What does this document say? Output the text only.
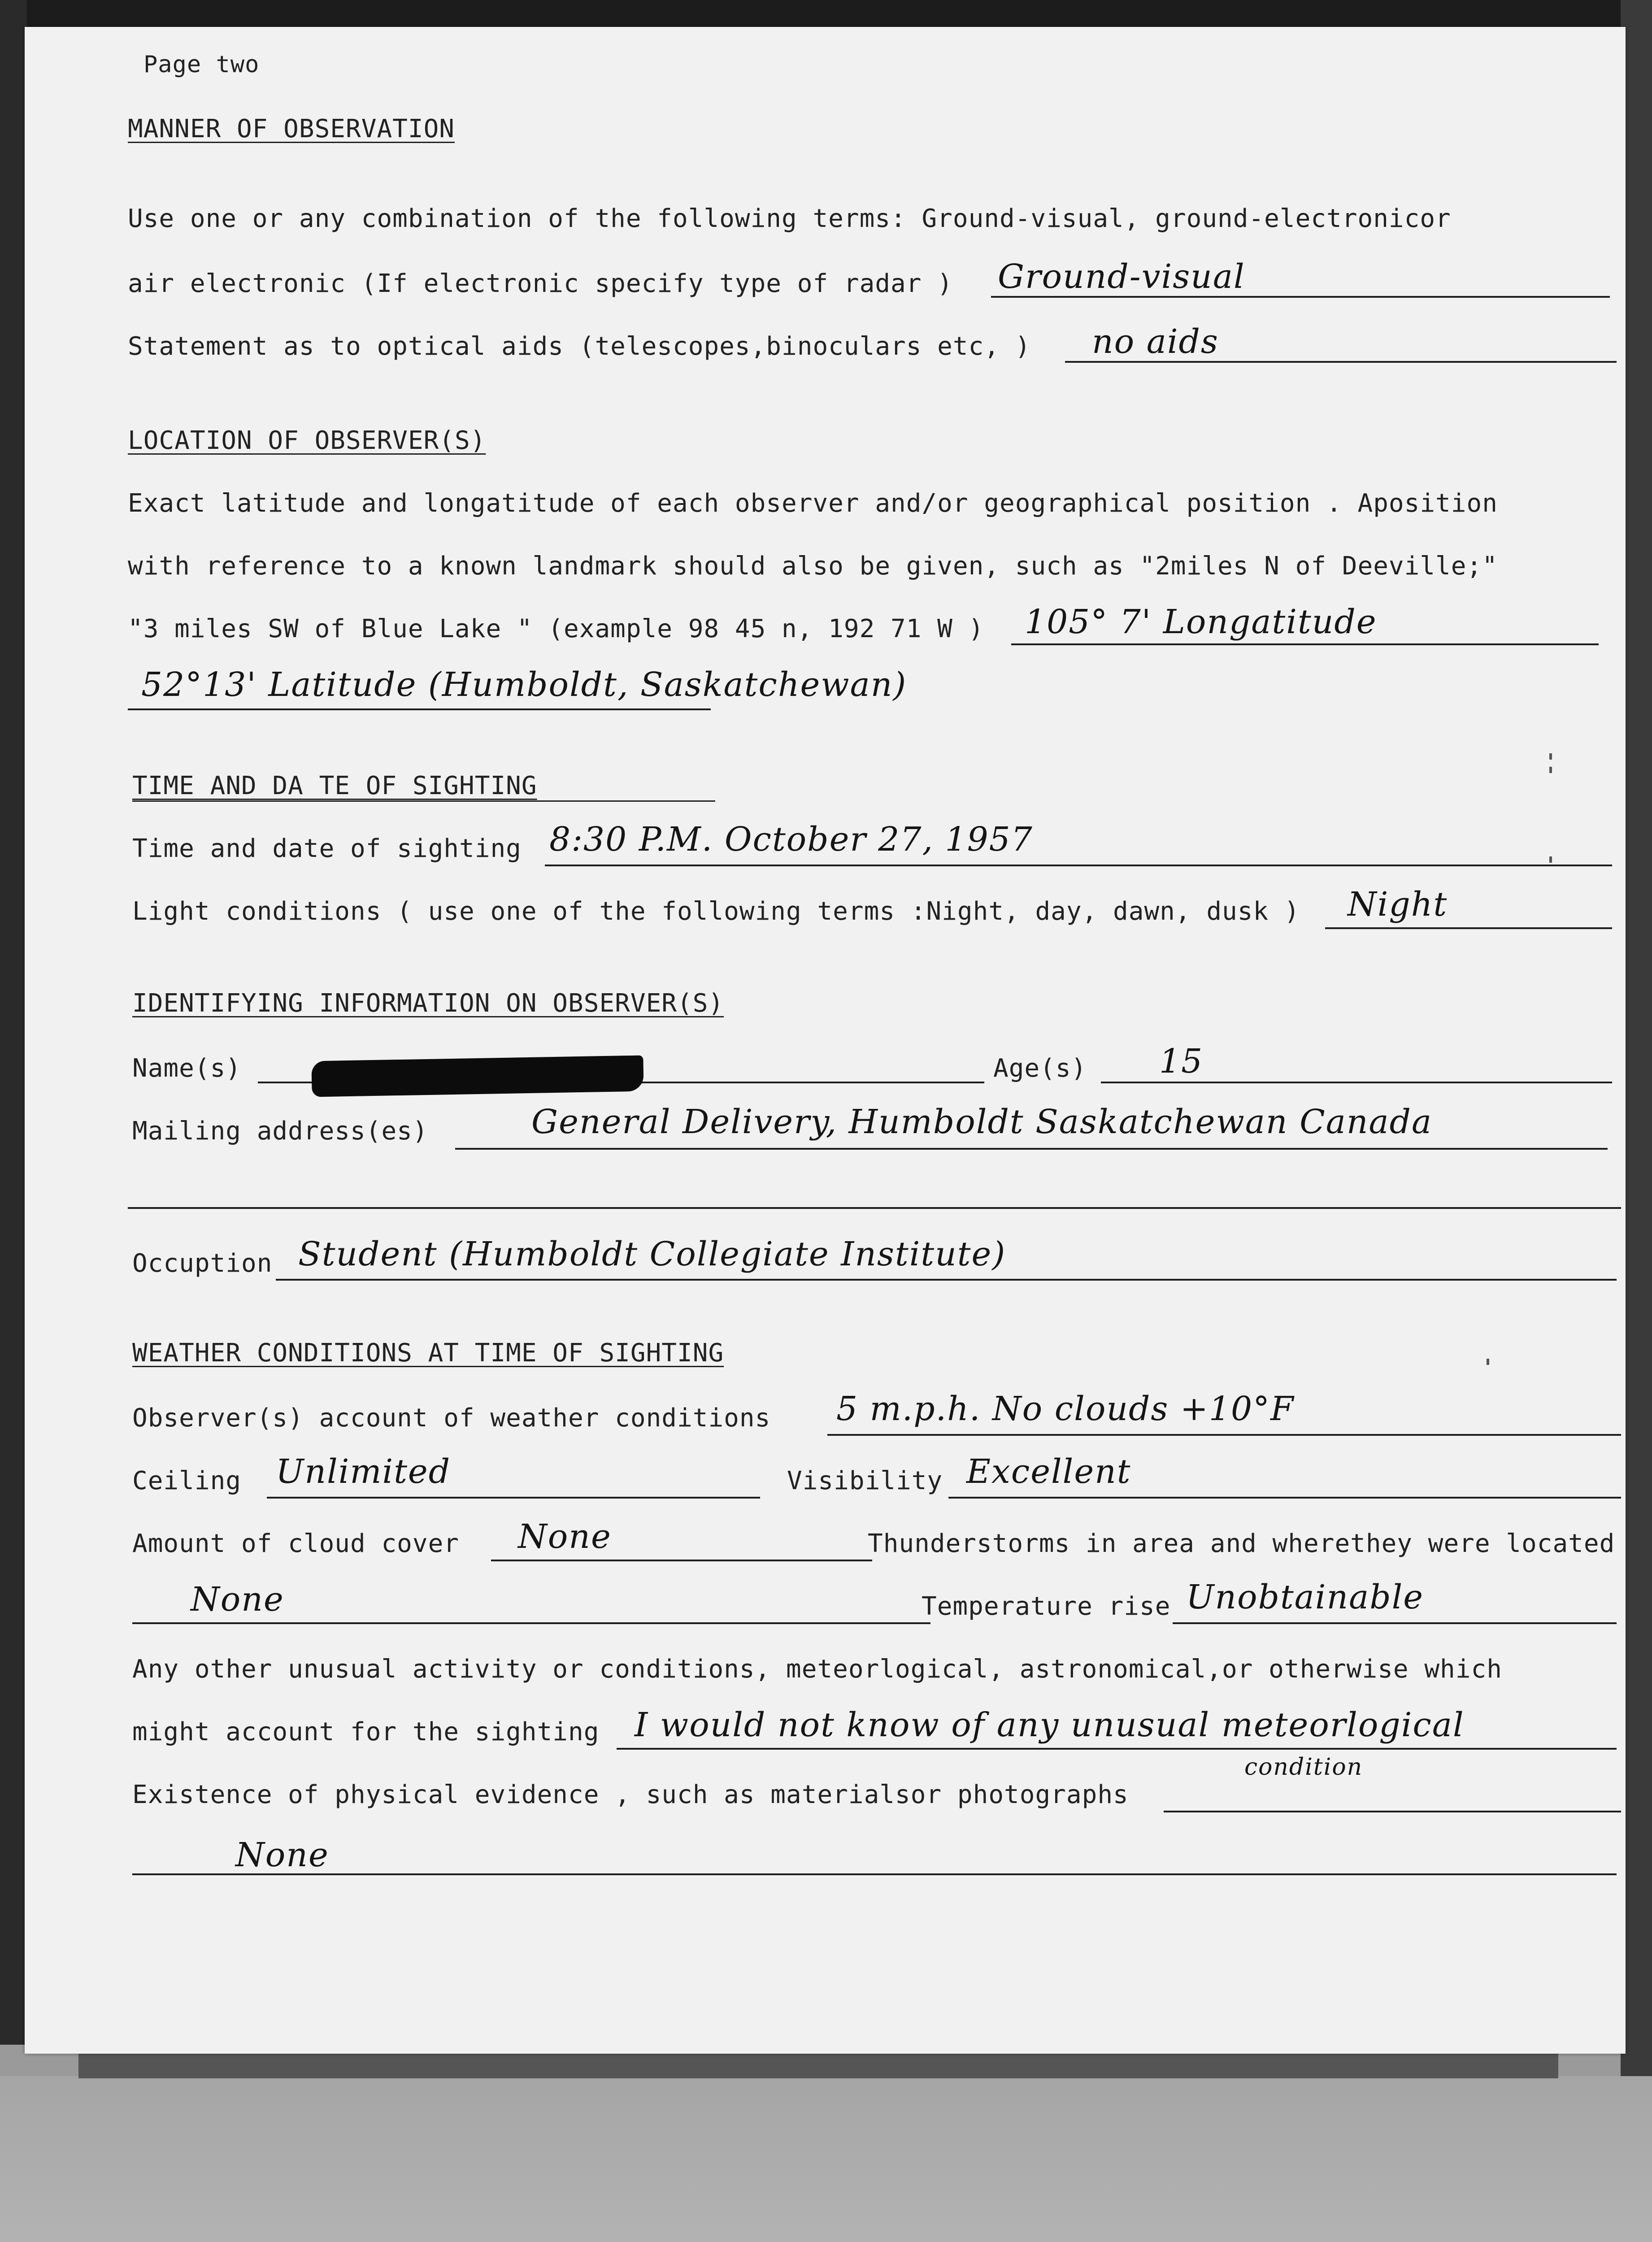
Page two
MANNER OF OBSERVATION
Use one or any combination of the following terms: Ground-visual, ground-electronicor
air electronic (If electronic specify type of radar ) Ground-visual
Statement as to optical aids (telescopes,binoculars etc, ) no aids
LOCATION OF OBSERVER(S)
Exact latitude and longatitude of each observer and/or geographical position . Aposition
with reference to a known landmark should also be given, such as "2miles N of Deeville;"
"3 miles SW of Blue Lake " (example 98 45 n, 192 71 W ) 105° 7' Longatitude
52°13' Latitude (Humboldt, Saskatchewan)
TIME AND DA TE OF SIGHTING
Time and date of sighting 8:30 P.M. October 27, 1957
Light conditions ( use one of the following terms :Night, day, dawn, dusk ) Night
IDENTIFYING INFORMATION ON OBSERVER(S)
Name(s)	Age(s) 15
Mailing address(es)	General Delivery, Humboldt Saskatchewan Canada
Occuption Student (Humboldt Collegiate Institute)
WEATHER CONDITIONS AT TIME OF SIGHTING
Observer(s) account of weather conditions 5 m.p.h. No clouds +10°F
Ceiling Unlimited	Visibility Excellent
Amount of cloud cover None	Thunderstorms in area and wherethey were located
None	Temperature rise Unobtainable
Any other unusual activity or conditions, meteorlogical, astronomical,or otherwise which
might account for the sighting I would not know of any unusual meteorlogical
condition
Existence of physical evidence , such as materialsor photographs
None
